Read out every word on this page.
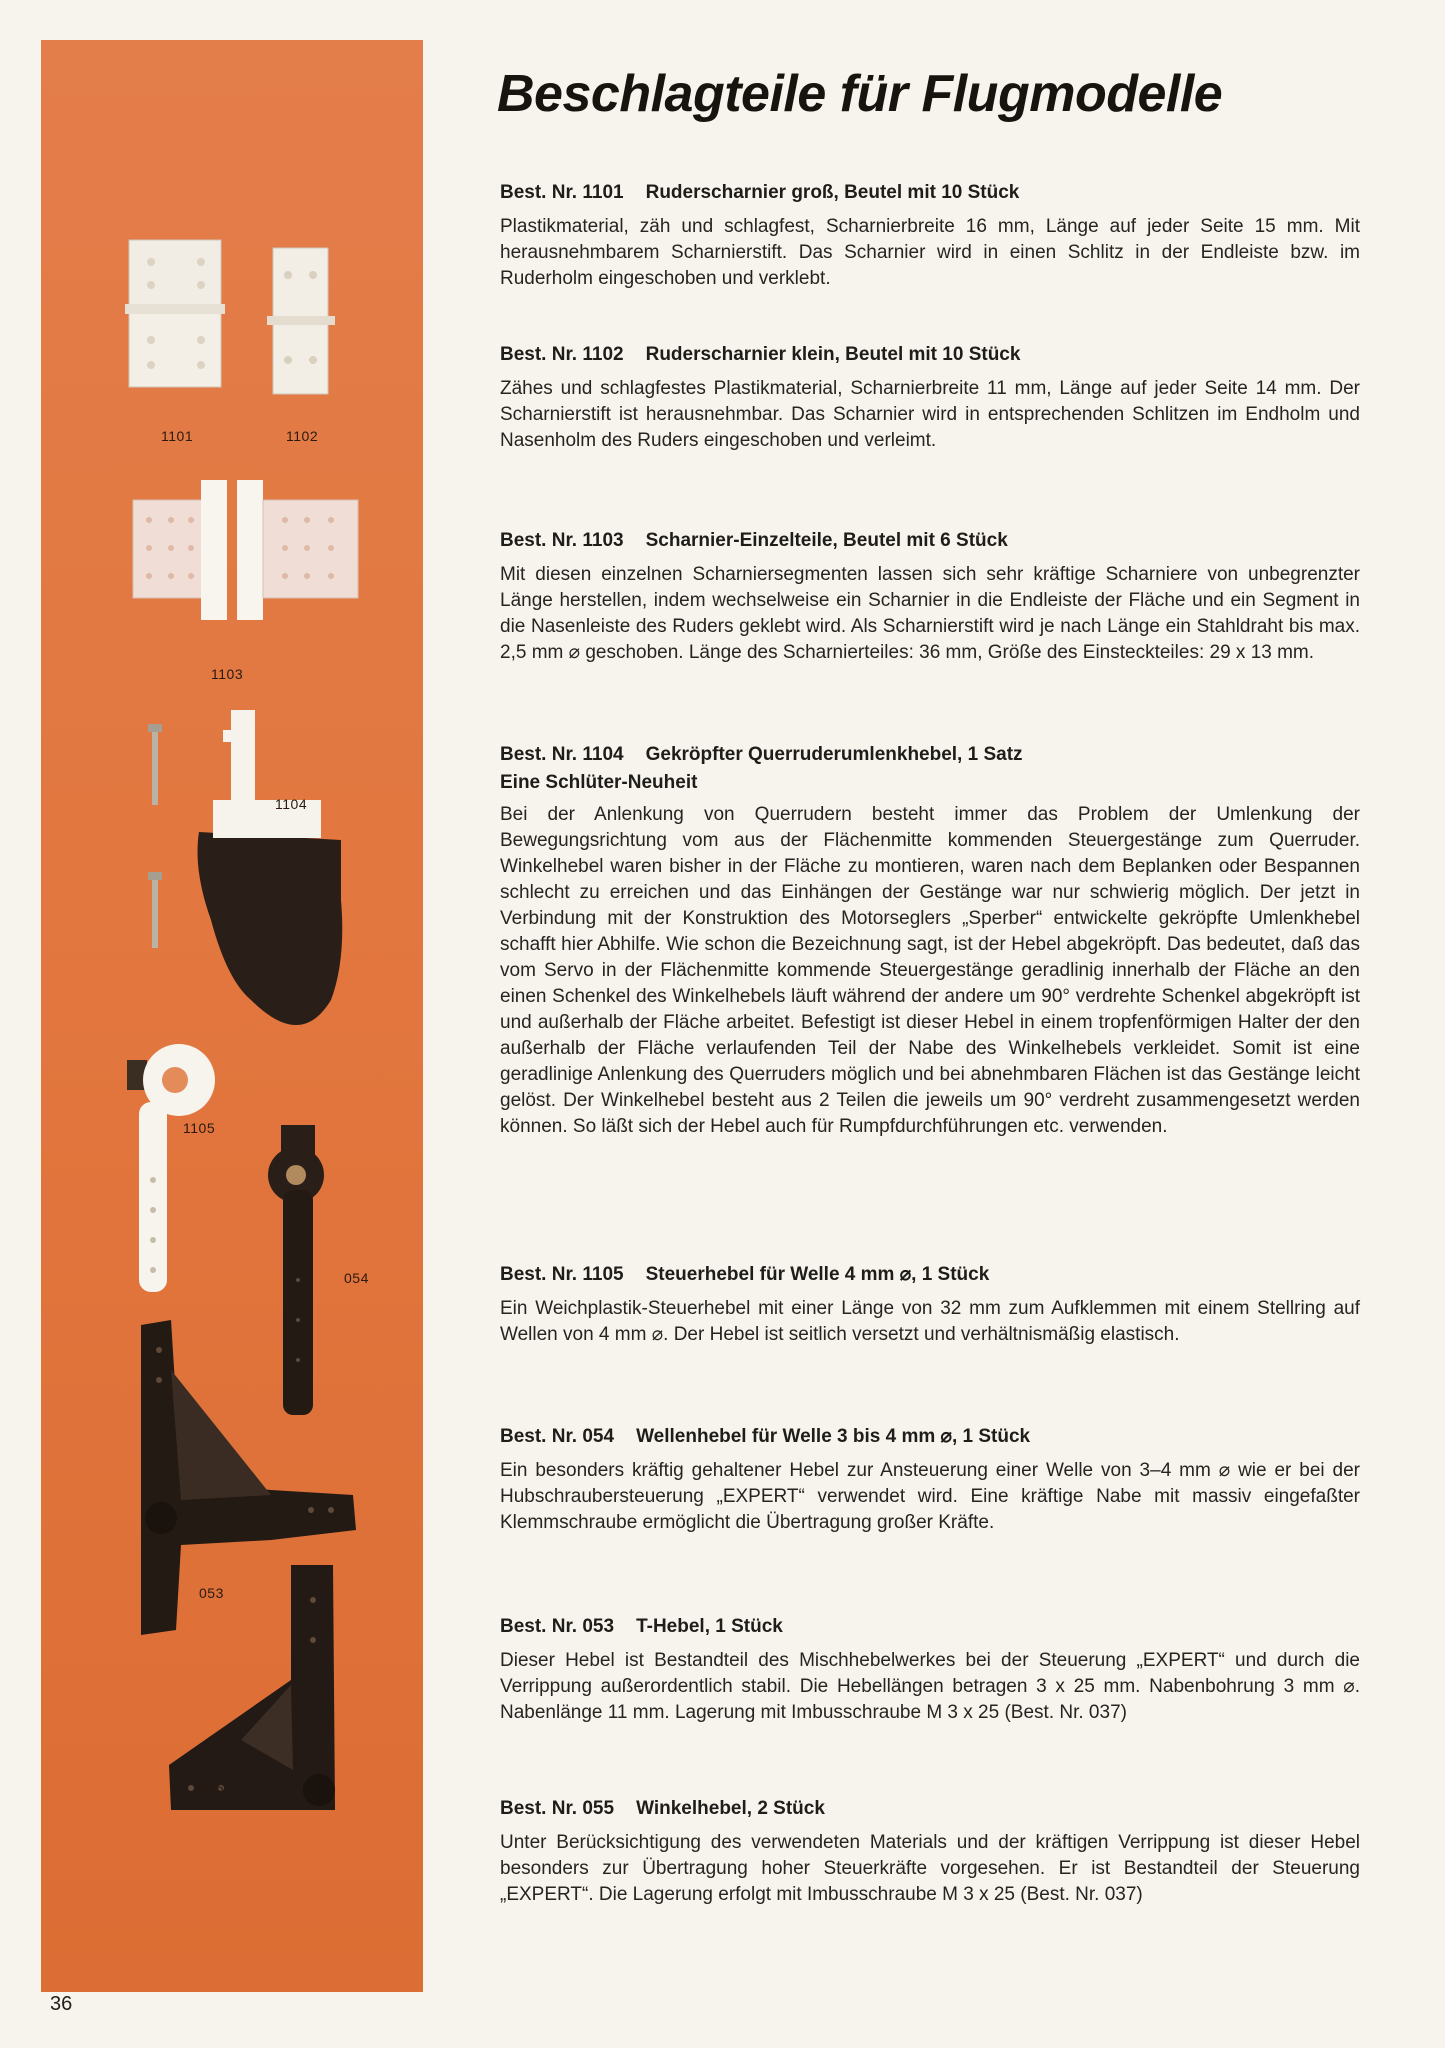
1101	1102
1103
1104
1105
054
053
055
Beschlagteile für Flugmodelle
Best. Nr. 1101 Ruderscharnier groß, Beutel mit 10 Stück

Plastikmaterial, zäh und schlagfest, Scharnierbreite 16 mm, Länge auf jeder Seite 15 mm. Mit herausnehmbarem Scharnierstift. Das Scharnier wird in einen Schlitz in der Endleiste bzw. im Ruderholm eingeschoben und verklebt.

Best. Nr. 1102 Ruderscharnier klein, Beutel mit 10 Stück

Zähes und schlagfestes Plastikmaterial, Scharnierbreite 11 mm, Länge auf jeder Seite 14 mm. Der Scharnierstift ist herausnehmbar. Das Scharnier wird in entsprechenden Schlitzen im Endholm und Nasenholm des Ruders eingeschoben und verleimt.

Best. Nr. 1103 Scharnier-Einzelteile, Beutel mit 6 Stück

Mit diesen einzelnen Scharniersegmenten lassen sich sehr kräftige Scharniere von unbegrenzter Länge herstellen, indem wechselweise ein Scharnier in die Endleiste der Fläche und ein Segment in die Nasenleiste des Ruders geklebt wird. Als Scharnierstift wird je nach Länge ein Stahldraht bis max. 2,5 mm ⌀ geschoben. Länge des Scharnierteiles: 36 mm, Größe des Einsteckteiles: 29 x 13 mm.

Best. Nr. 1104 Gekröpfter Querruderumlenkhebel, 1 Satz
Eine Schlüter-Neuheit

Bei der Anlenkung von Querrudern besteht immer das Problem der Umlenkung der Bewegungsrichtung vom aus der Flächenmitte kommenden Steuergestänge zum Querruder. Winkelhebel waren bisher in der Fläche zu montieren, waren nach dem Beplanken oder Bespannen schlecht zu erreichen und das Einhängen der Gestänge war nur schwierig möglich. Der jetzt in Verbindung mit der Konstruktion des Motorseglers „Sperber“ entwickelte gekröpfte Umlenkhebel schafft hier Abhilfe. Wie schon die Bezeichnung sagt, ist der Hebel abgekröpft. Das bedeutet, daß das vom Servo in der Flächenmitte kommende Steuergestänge geradlinig innerhalb der Fläche an den einen Schenkel des Winkelhebels läuft während der andere um 90° verdrehte Schenkel abgekröpft ist und außerhalb der Fläche arbeitet. Befestigt ist dieser Hebel in einem tropfenförmigen Halter der den außerhalb der Fläche verlaufenden Teil der Nabe des Winkelhebels verkleidet. Somit ist eine geradlinige Anlenkung des Querruders möglich und bei abnehmbaren Flächen ist das Gestänge leicht gelöst. Der Winkelhebel besteht aus 2 Teilen die jeweils um 90° verdreht zusammengesetzt werden können. So läßt sich der Hebel auch für Rumpfdurchführungen etc. verwenden.

Best. Nr. 1105 Steuerhebel für Welle 4 mm ⌀, 1 Stück

Ein Weichplastik-Steuerhebel mit einer Länge von 32 mm zum Aufklemmen mit einem Stellring auf Wellen von 4 mm ⌀. Der Hebel ist seitlich versetzt und verhältnismäßig elastisch.

Best. Nr. 054 Wellenhebel für Welle 3 bis 4 mm ⌀, 1 Stück

Ein besonders kräftig gehaltener Hebel zur Ansteuerung einer Welle von 3–4 mm ⌀ wie er bei der Hubschraubersteuerung „EXPERT“ verwendet wird. Eine kräftige Nabe mit massiv eingefaßter Klemmschraube ermöglicht die Übertragung großer Kräfte.

Best. Nr. 053 T-Hebel, 1 Stück

Dieser Hebel ist Bestandteil des Mischhebelwerkes bei der Steuerung „EXPERT“ und durch die Verrippung außerordentlich stabil. Die Hebellängen betragen 3 x 25 mm. Nabenbohrung 3 mm ⌀. Nabenlänge 11 mm. Lagerung mit Imbusschraube M 3 x 25 (Best. Nr. 037)

Best. Nr. 055 Winkelhebel, 2 Stück

Unter Berücksichtigung des verwendeten Materials und der kräftigen Verrippung ist dieser Hebel besonders zur Übertragung hoher Steuerkräfte vorgesehen. Er ist Bestandteil der Steuerung „EXPERT“. Die Lagerung erfolgt mit Imbusschraube M 3 x 25 (Best. Nr. 037)

36
